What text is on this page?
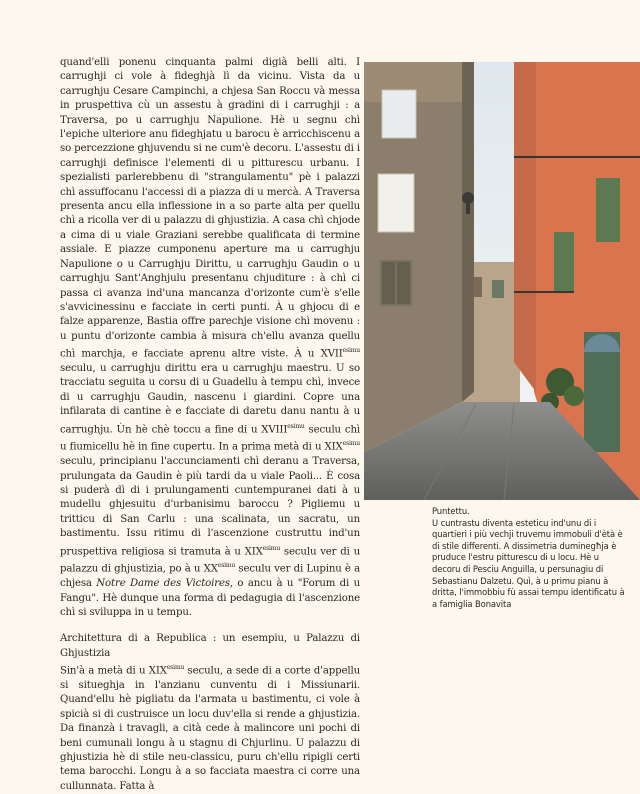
quand'elli ponenu cinquanta palmi digià belli alti. I carrughji ci vole à fideghjà lì da vicinu. Vista da u carrughju Cesare Campinchi, a chjesa San Roccu và messa in pruspettiva cù un assestu à gradini di i carrughji : a Traversa, po u carrughju Napulione. Hè u segnu chì l'epiche ulteriore anu fideghjatu u barocu è arricchiscenu a so percezzione ghjuvendu si ne cum'è decoru. L'assestu di i carrughji definisce l'elementi di u pitturescu urbanu. I spezialisti parlerebbenu di "strangulamentu" pè i palazzi chì assuffocanu l'accessi di a piazza di u mercà. A Traversa presenta ancu ella inflessione in a so parte alta per quellu chì a ricolla ver di u palazzu di ghjustizia. A casa chì chjode a cima di u viale Graziani serebbe qualificata di termine assiale. E piazze cumponenu aperture ma u carrughju Napulione o u Carrughju Dirittu, u carrughju Gaudin o u carrughju Sant'Anghjulu presentanu chjuditure : à chì ci passa ci avanza ind'una mancanza d'orizonte cum'è s'elle s'avvicinessinu e facciate in certi punti. À u ghjocu di e falze apparenze, Bastia offre parechje visione chì movenu : u puntu d'orizonte cambia à misura ch'ellu avanza quellu chì marchja, e facciate aprenu altre viste. À u $XVII^{esimu}$ seculu, u carrughju dirittu era u carrughju maestru. U so tracciatu seguita u corsu di u Guadellu à tempu chì, invece di u carrughju Gaudin, nascenu i giardini. Copre una infilarata di cantine è e facciate di daretu danu nantu à u carrughju. Ùn hè chè toccu a fine di u $XVIII^{esimu}$ seculu chì u fiumicellu hè in fine cupertu. In a prima metà di u $XIX^{esimu}$ seculu, principianu l'accunciamenti chì deranu a Traversa, prulungata da Gaudin è più tardi da u viale Paoli... È cosa si puderà dì di i prulungamenti cuntempuranei dati à u mudellu ghjesuitu d'urbanisimu baroccu ? Pigliemu u tritticu di San Carlu : una scalinata, un sacratu, un bastimentu. Issu ritimu di l'ascenzione custruttu ind'un pruspettiva religiosa si tramuta à u $XIX^{esimu}$ seculu ver di u palazzu di ghjustizia, po à u $XX^{esimu}$ seculu ver di Lupinu è a chjesa Notre Dame des Victoires, o ancu à u "Forum di u Fangu". Hè dunque una forma di pedagugia di l'ascenzione chì si sviluppa in u tempu.

Architettura di a Republica : un esempiu, u Palazzu di Ghjustizia
Sin'à a metà di u $XIX^{esimu}$ seculu, a sede di a corte d'appellu si situeghja in l'anzianu cunventu di i Missiunarii. Quand'ellu hè pigliatu da l'armata u bastimentu, ci vole à spicià si di custruisce un locu duv'ella si rende a ghjustizia. Da finanzà i travagli, a cità cede à malincore uni pochi di beni cumunali longu à u stagnu di Chjurlinu. U palazzu di ghjustizia hè di stile neu-classicu, puru ch'ellu ripigli certi tema barocchi. Longu à a so facciata maestra ci corre una cullunnata. Fatta à

Puntettu.
U cuntrastu diventa esteticu ind'unu di i quartieri i più vechji truvemu immobuli d'ètà è di stile differenti. A dissimetria duminegħja è pruduce l'estru pitturescu di u locu. Hè u decoru di Pesciu Anguilla, u persunagiu di Sebastianu Dalzetu. Quì, à u primu pianu à dritta, l'immobbiu fù assai tempu identificatu à a famiglia Bonavita
